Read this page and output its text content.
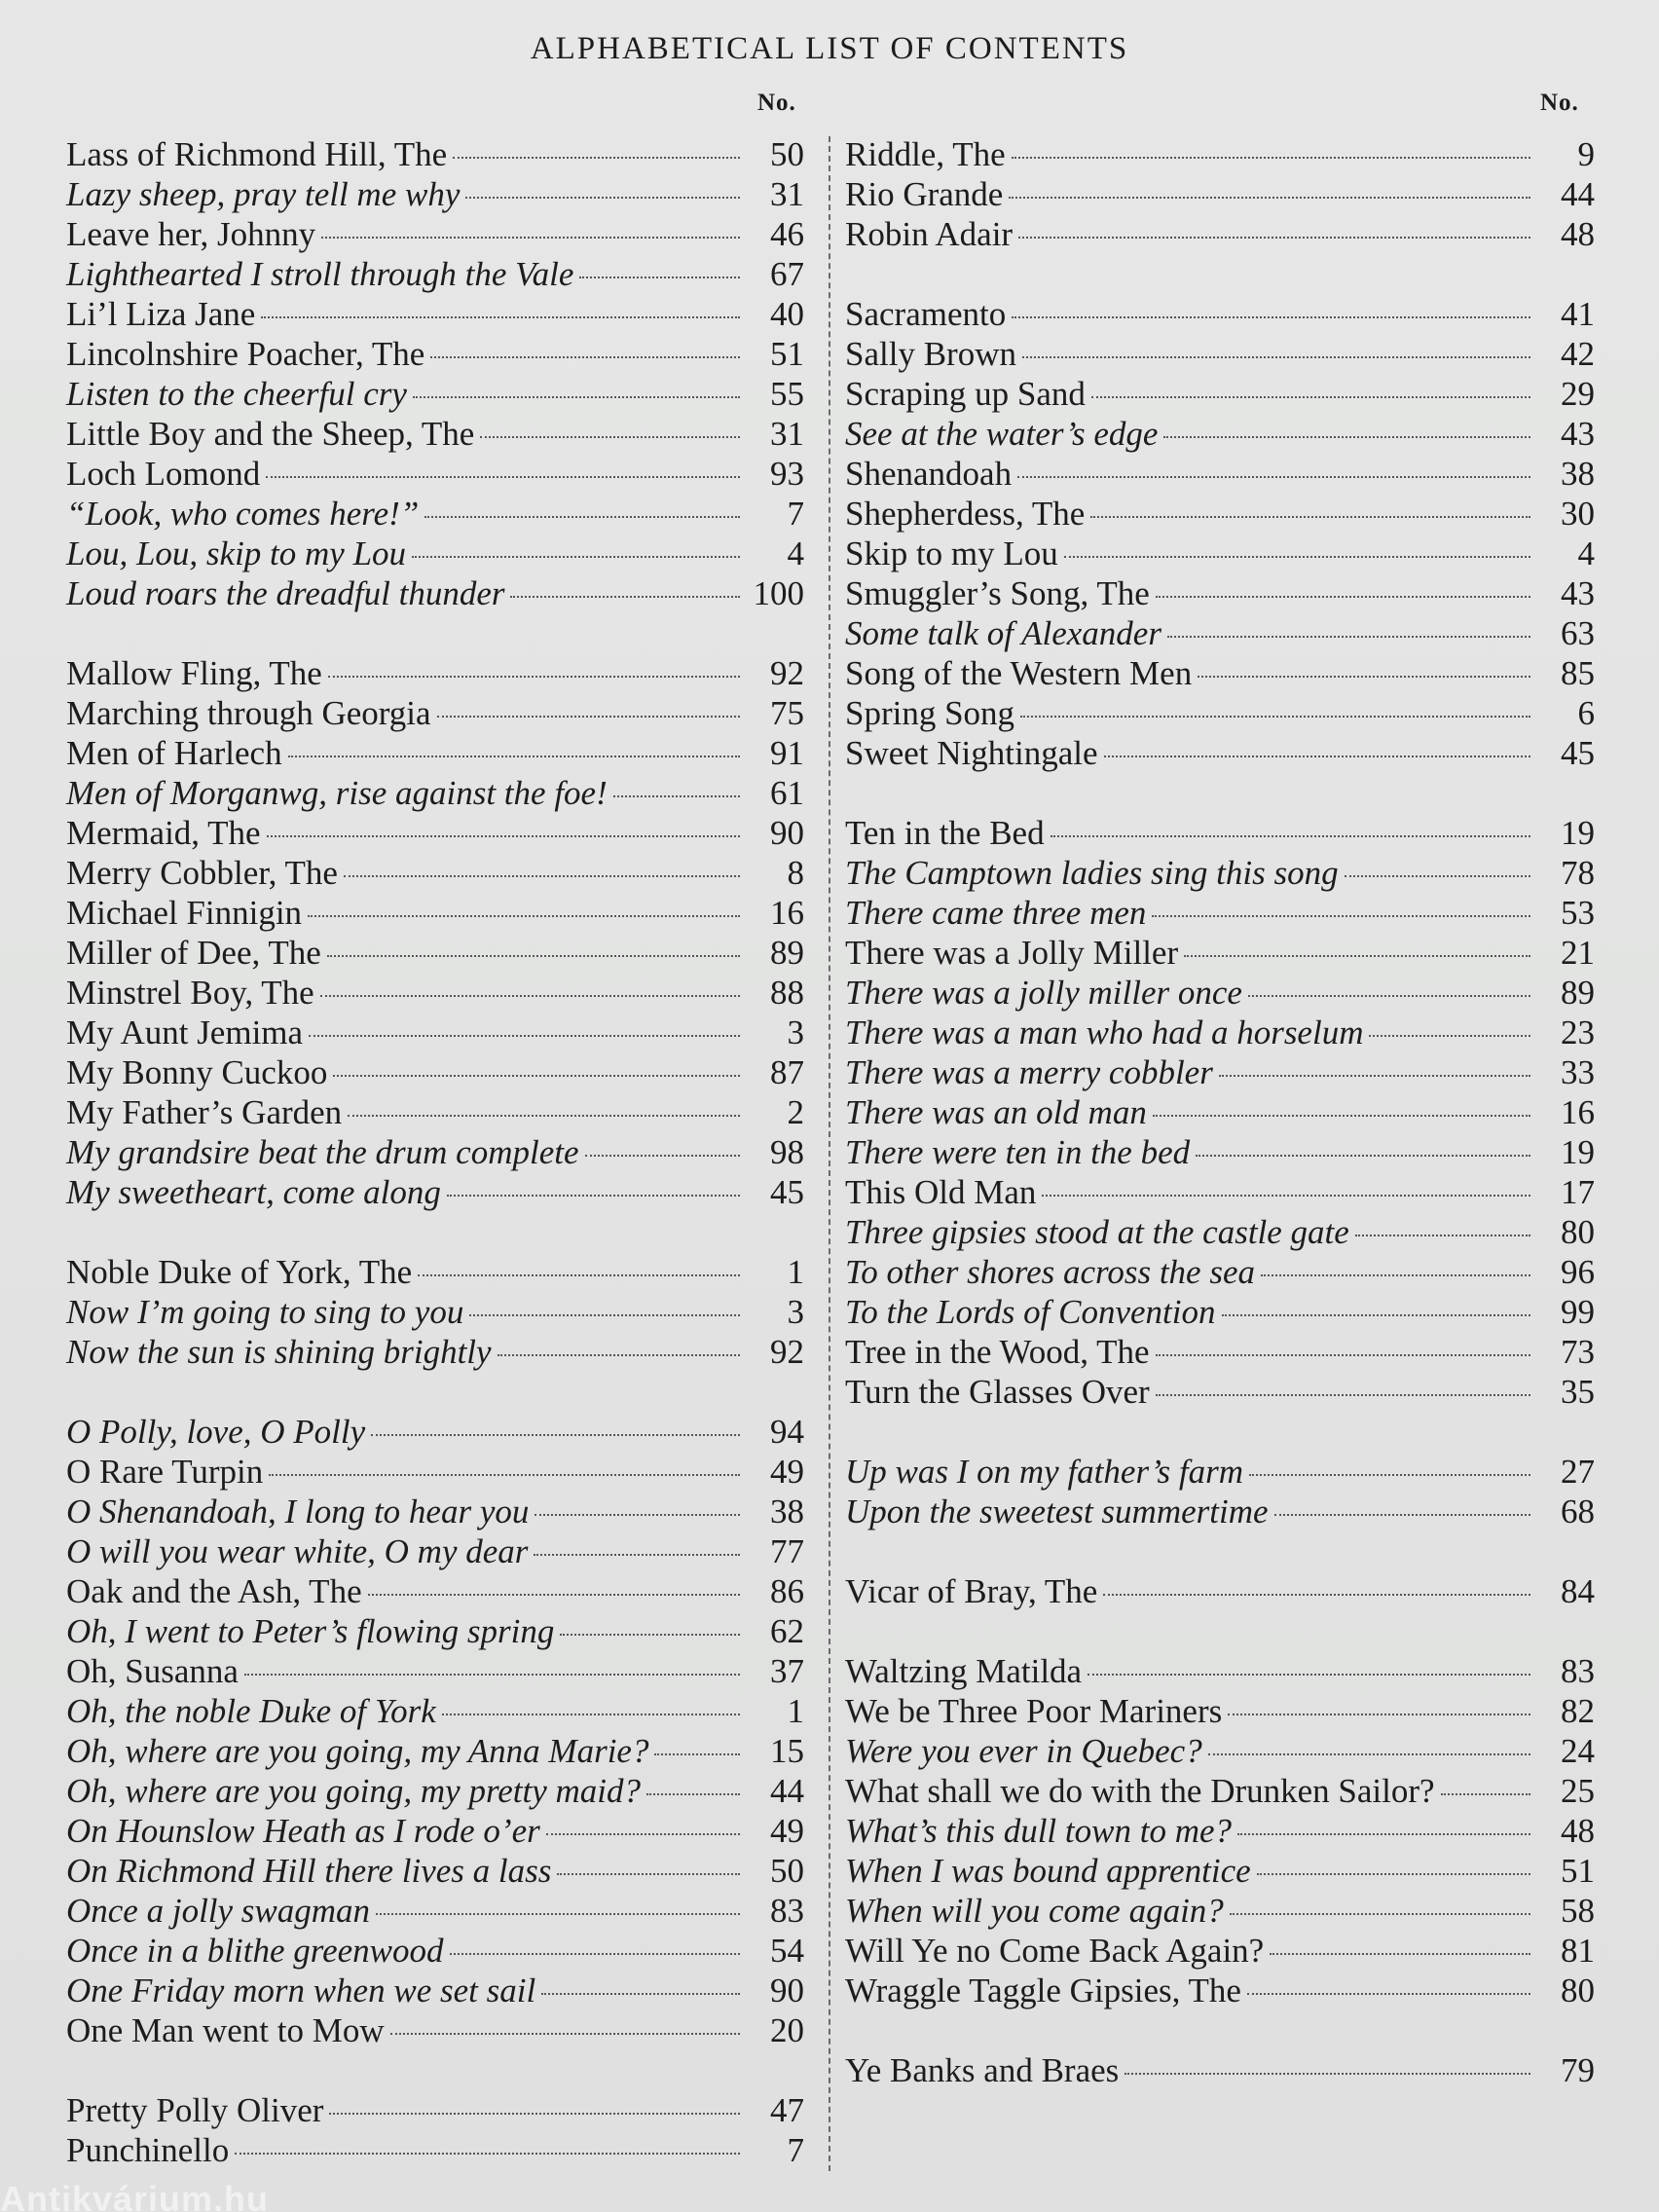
ALPHABETICAL LIST OF CONTENTS
No.	No.
Lass of Richmond Hill, The	50
Lazy sheep, pray tell me why	31
Leave her, Johnny	46
Lighthearted I stroll through the Vale	67
Li’l Liza Jane	40
Lincolnshire Poacher, The	51
Listen to the cheerful cry	55
Little Boy and the Sheep, The	31
Loch Lomond	93
“Look, who comes here!”	7
Lou, Lou, skip to my Lou	4
Loud roars the dreadful thunder	100
Mallow Fling, The	92
Marching through Georgia	75
Men of Harlech	91
Men of Morganwg, rise against the foe!	61
Mermaid, The	90
Merry Cobbler, The	8
Michael Finnigin	16
Miller of Dee, The	89
Minstrel Boy, The	88
My Aunt Jemima	3
My Bonny Cuckoo	87
My Father’s Garden	2
My grandsire beat the drum complete	98
My sweetheart, come along	45
Noble Duke of York, The	1
Now I’m going to sing to you	3
Now the sun is shining brightly	92
O Polly, love, O Polly	94
O Rare Turpin	49
O Shenandoah, I long to hear you	38
O will you wear white, O my dear	77
Oak and the Ash, The	86
Oh, I went to Peter’s flowing spring	62
Oh, Susanna	37
Oh, the noble Duke of York	1
Oh, where are you going, my Anna Marie?	15
Oh, where are you going, my pretty maid?	44
On Hounslow Heath as I rode o’er	49
On Richmond Hill there lives a lass	50
Once a jolly swagman	83
Once in a blithe greenwood	54
One Friday morn when we set sail	90
One Man went to Mow	20
Pretty Polly Oliver	47
Punchinello	7
Riddle, The	9
Rio Grande	44
Robin Adair	48
Sacramento	41
Sally Brown	42
Scraping up Sand	29
See at the water’s edge	43
Shenandoah	38
Shepherdess, The	30
Skip to my Lou	4
Smuggler’s Song, The	43
Some talk of Alexander	63
Song of the Western Men	85
Spring Song	6
Sweet Nightingale	45
Ten in the Bed	19
The Camptown ladies sing this song	78
There came three men	53
There was a Jolly Miller	21
There was a jolly miller once	89
There was a man who had a horselum	23
There was a merry cobbler	33
There was an old man	16
There were ten in the bed	19
This Old Man	17
Three gipsies stood at the castle gate	80
To other shores across the sea	96
To the Lords of Convention	99
Tree in the Wood, The	73
Turn the Glasses Over	35
Up was I on my father’s farm	27
Upon the sweetest summertime	68
Vicar of Bray, The	84
Waltzing Matilda	83
We be Three Poor Mariners	82
Were you ever in Quebec?	24
What shall we do with the Drunken Sailor?	25
What’s this dull town to me?	48
When I was bound apprentice	51
When will you come again?	58
Will Ye no Come Back Again?	81
Wraggle Taggle Gipsies, The	80
Ye Banks and Braes	79
Antikvárium.hu
